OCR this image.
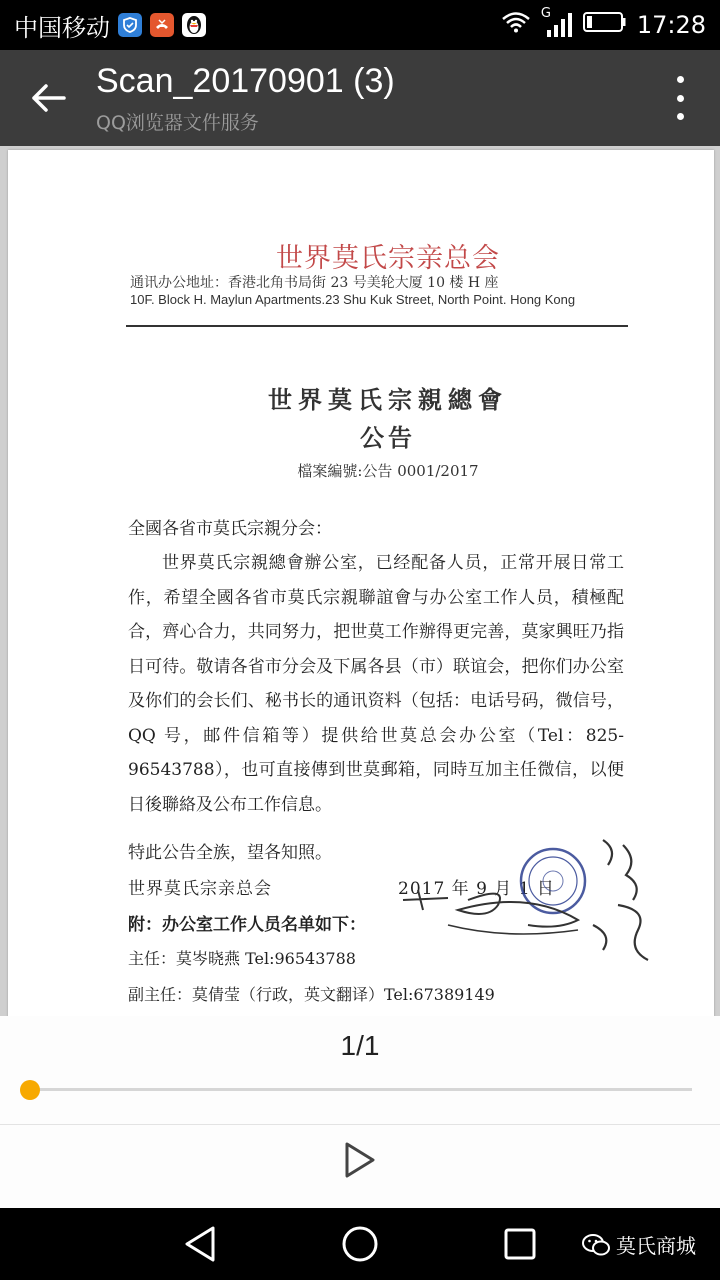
中国移动	G	17:28
Scan_20170901 (3)
QQ浏览器文件服务
世界莫氏宗亲总会
通讯办公地址：香港北角书局街 23 号美轮大厦 10 楼 H 座
10F. Block H. Maylun Apartments.23 Shu Kuk Street, North Point. Hong Kong
世界莫氏宗親總會
公告
檔案編號:公告 0001/2017
全國各省市莫氏宗親分会：
世界莫氏宗親總會辦公室，已经配备人员，正常开展日常工作，希望全國各省市莫氏宗親聯誼會与办公室工作人员，積極配合，齊心合力，共同努力，把世莫工作辦得更完善，莫家興旺乃指日可待。敬请各省市分会及下属各县（市）联谊会，把你们办公室及你们的会长们、秘书长的通讯资料（包括：电话号码，微信号，QQ 号，邮件信箱等）提供给世莫总会办公室（Tel：825-96543788），也可直接傳到世莫郵箱，同時互加主任微信，以便日後聯絡及公布工作信息。
特此公告全族，望各知照。
世界莫氏宗亲总会	2017 年 9 月 1 日
附：办公室工作人员名单如下：
主任：莫岑晓燕 Tel:96543788
副主任：莫倩莹（行政，英文翻译）Tel:67389149
1/1
莫氏商城
